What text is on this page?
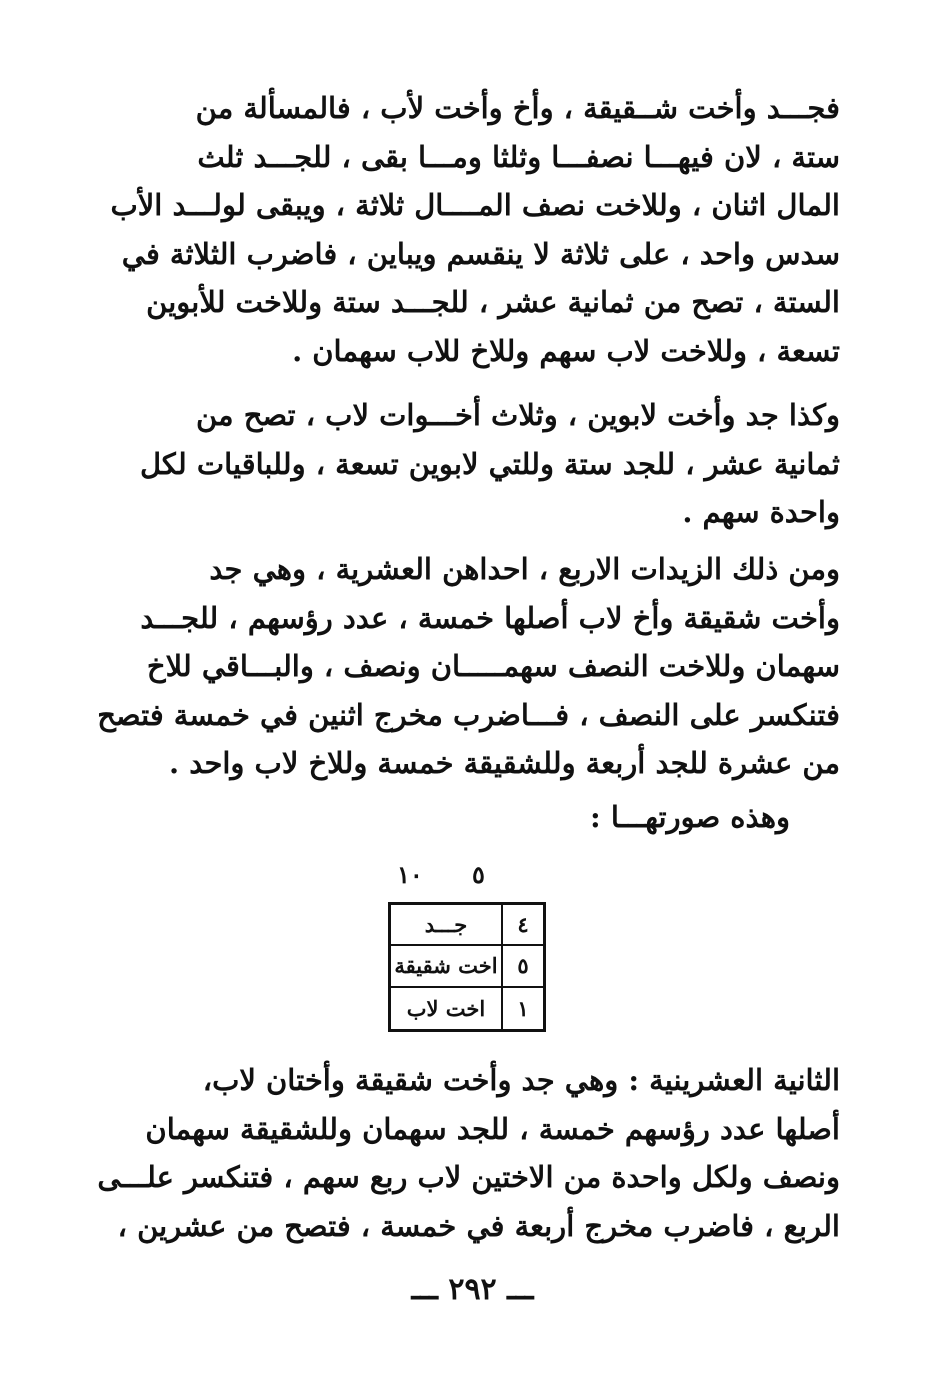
فجـــد وأخت شــقيقة ، وأخ وأخت لأب ، فالمسألة من
ستة ، لان فيهـــا نصفـــا وثلثا ومـــا بقى ، للجـــد ثلث
المال اثنان ، وللاخت نصف المــــال ثلاثة ، ويبقى لولـــد الأب
سدس واحد ، على ثلاثة لا ينقسم ويباين ، فاضرب الثلاثة في
الستة ، تصح من ثمانية عشر ، للجـــد ستة وللاخت للأبوين
تسعة ، وللاخت لاب سهم وللاخ للاب سهمان .

وكذا جد وأخت لابوين ، وثلاث أخـــوات لاب ، تصح من
ثمانية عشر ، للجد ستة وللتي لابوين تسعة ، وللباقيات لكل
واحدة سهم .

ومن ذلك الزيدات الاربع ، احداهن العشرية ، وهي جد
وأخت شقيقة وأخ لاب أصلها خمسة ، عدد رؤسهم ، للجـــد
سهمان وللاخت النصف سهمـــــان ونصف ، والبـــاقي للاخ
فتنكسر على النصف ، فـــاضرب مخرج اثنين في خمسة فتصح
من عشرة للجد أربعة وللشقيقة خمسة وللاخ لاب واحد .

وهذه صورتهـــا :

٥

١٠

جـــد	٤
اخت شقيقة ٥
اخت لاب	١

الثانية العشرينية : وهي جد وأخت شقيقة وأختان لاب،
أصلها عدد رؤسهم خمسة ، للجد سهمان وللشقيقة سهمان
ونصف ولكل واحدة من الاختين لاب ربع سهم ، فتنكسر علـــى
الربع ، فاضرب مخرج أربعة في خمسة ، فتصح من عشرين ،

ـــ ٢٩٢ ـــ
